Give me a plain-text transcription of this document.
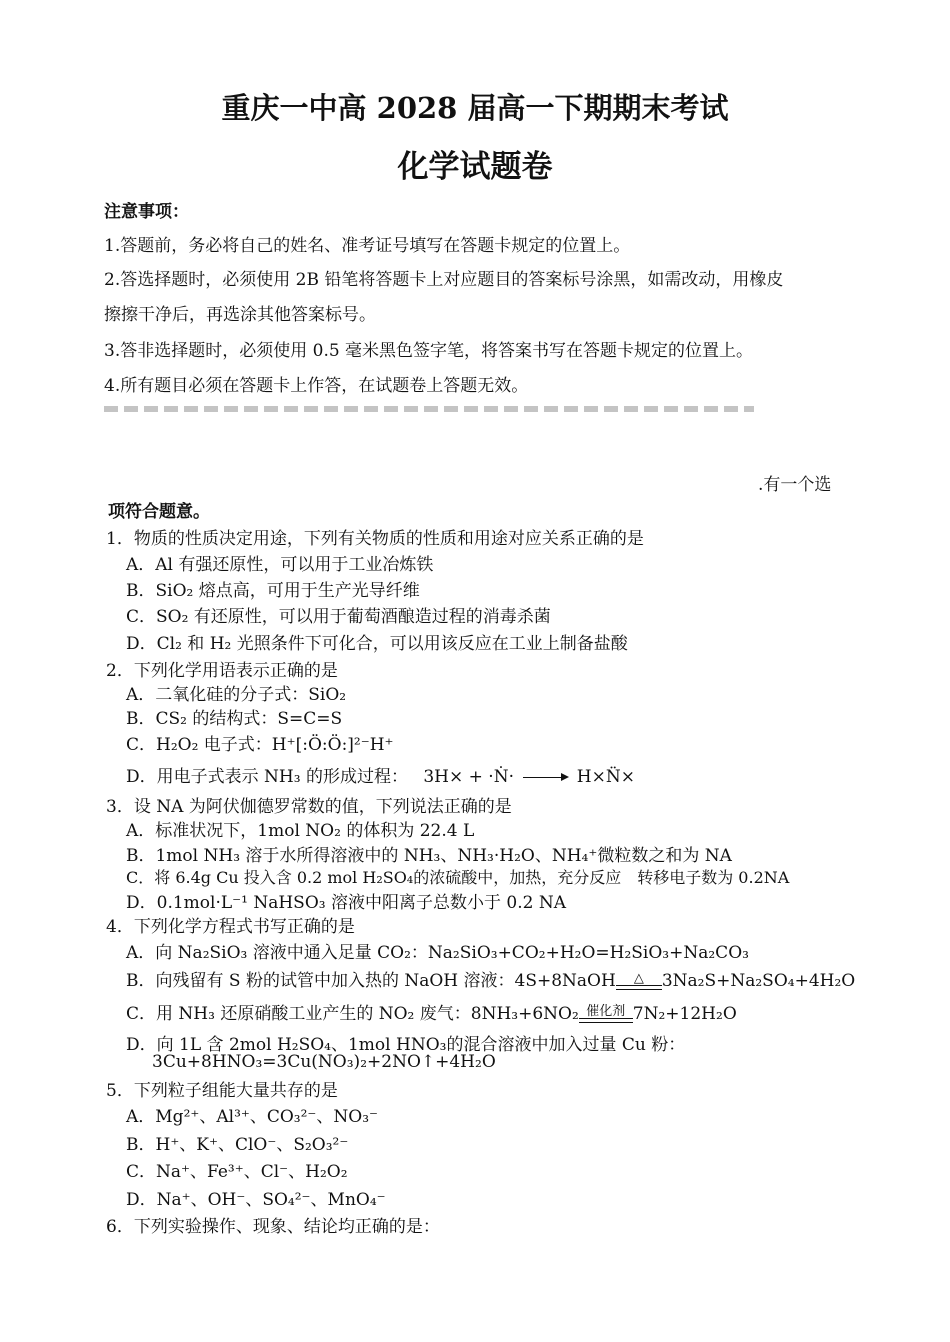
重庆一中高 2028 届高一下期期末考试
化学试题卷
注意事项：
1.答题前，务必将自己的姓名、准考证号填写在答题卡规定的位置上。
2.答选择题时，必须使用 2B 铅笔将答题卡上对应题目的答案标号涂黑，如需改动，用橡皮
擦擦干净后，再选涂其他答案标号。
3.答非选择题时，必须使用 0.5 毫米黑色签字笔，将答案书写在答题卡规定的位置上。
4.所有题目必须在答题卡上作答，在试题卷上答题无效。
.有一个选
项符合题意。
1．物质的性质决定用途，下列有关物质的性质和用途对应关系正确的是
A．Al 有强还原性，可以用于工业冶炼铁
B．SiO₂ 熔点高，可用于生产光导纤维
C．SO₂ 有还原性，可以用于葡萄酒酿造过程的消毒杀菌
D．Cl₂ 和 H₂ 光照条件下可化合，可以用该反应在工业上制备盐酸
2．下列化学用语表示正确的是
A．二氧化硅的分子式：SiO₂
B．CS₂ 的结构式：S=C=S
C．H₂O₂ 电子式：H⁺[:Ö:Ö:]²⁻H⁺
D．用电子式表示 NH₃ 的形成过程： 3H× + ·Ṅ· → H×N̈×
3．设 NA 为阿伏伽德罗常数的值，下列说法正确的是
A．标准状况下，1mol NO₂ 的体积为 22.4 L
B．1mol NH₃ 溶于水所得溶液中的 NH₃、NH₃·H₂O、NH₄⁺微粒数之和为 NA
C．将 6.4g Cu 投入含 0.2 mol H₂SO₄的浓硫酸中，加热，充分反应　转移电子数为 0.2NA
D．0.1mol·L⁻¹ NaHSO₃ 溶液中阳离子总数小于 0.2 NA
4．下列化学方程式书写正确的是
A．向 Na₂SiO₃ 溶液中通入足量 CO₂：Na₂SiO₃+CO₂+H₂O=H₂SiO₃+Na₂CO₃
B．向残留有 S 粉的试管中加入热的 NaOH 溶液：4S+8NaOH	△	3Na₂S+Na₂SO₄+4H₂O
C．用 NH₃ 还原硝酸工业产生的 NO₂ 废气：8NH₃+6NO₂ 催化剂 7N₂+12H₂O
D．向 1L 含 2mol H₂SO₄、1mol HNO₃的混合溶液中加入过量 Cu 粉：
3Cu+8HNO₃=3Cu(NO₃)₂+2NO↑+4H₂O
5．下列粒子组能大量共存的是
A．Mg²⁺、Al³⁺、CO₃²⁻、NO₃⁻
B．H⁺、K⁺、ClO⁻、S₂O₃²⁻
C．Na⁺、Fe³⁺、Cl⁻、H₂O₂
D．Na⁺、OH⁻、SO₄²⁻、MnO₄⁻
6．下列实验操作、现象、结论均正确的是：
